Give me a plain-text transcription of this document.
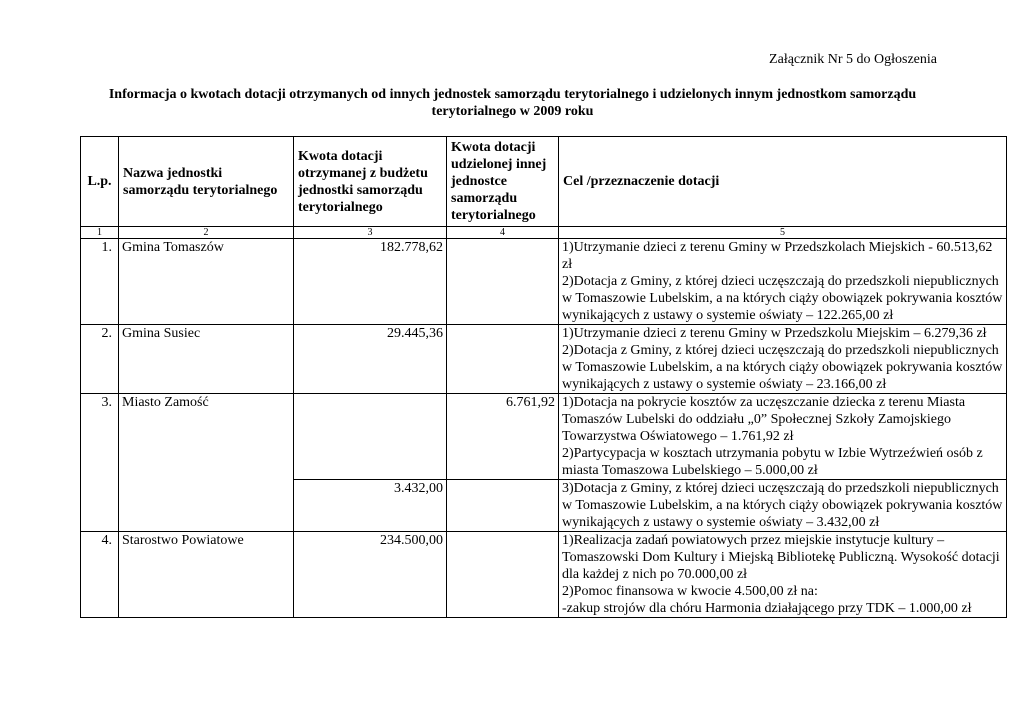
Załącznik Nr 5 do Ogłoszenia
Informacja o kwotach dotacji otrzymanych od innych jednostek samorządu terytorialnego i udzielonych innym jednostkom samorządu terytorialnego w 2009 roku
L.p.	Nazwa jednostki samorządu terytorialnego	Kwota dotacji otrzymanej z budżetu jednostki samorządu terytorialnego	Kwota dotacji udzielonej innej jednostce samorządu terytorialnego	Cel /przeznaczenie dotacji
1	2	3	4	5
1.	Gmina Tomaszów	182.778,62		1)Utrzymanie dzieci z terenu Gminy w Przedszkolach Miejskich - 60.513,62 zł
2)Dotacja z Gminy, z której dzieci uczęszczają do przedszkoli niepublicznych w Tomaszowie Lubelskim, a na których ciąży obowiązek pokrywania kosztów wynikających z ustawy o systemie oświaty – 122.265,00 zł

2.	Gmina Susiec	29.445,36		1)Utrzymanie dzieci z terenu Gminy w Przedszkolu Miejskim – 6.279,36 zł
2)Dotacja z Gminy, z której dzieci uczęszczają do przedszkoli niepublicznych w Tomaszowie Lubelskim, a na których ciąży obowiązek pokrywania kosztów wynikających z ustawy o systemie oświaty – 23.166,00 zł

3.	Miasto Zamość		6.761,92	1)Dotacja na pokrycie kosztów za uczęszczanie dziecka z terenu Miasta Tomaszów Lubelski do oddziału „0” Społecznej Szkoły Zamojskiego Towarzystwa Oświatowego – 1.761,92 zł
2)Partycypacja w kosztach utrzymania pobytu w Izbie Wytrzeźwień osób z miasta Tomaszowa Lubelskiego – 5.000,00 zł

		3.432,00		3)Dotacja z Gminy, z której dzieci uczęszczają do przedszkoli niepublicznych w Tomaszowie Lubelskim, a na których ciąży obowiązek pokrywania kosztów wynikających z ustawy o systemie oświaty – 3.432,00 zł

4.	Starostwo Powiatowe	234.500,00		1)Realizacja zadań powiatowych przez miejskie instytucje kultury – Tomaszowski Dom Kultury i Miejską Bibliotekę Publiczną. Wysokość dotacji dla każdej z nich po 70.000,00 zł
2)Pomoc finansowa w kwocie 4.500,00 zł na:
-zakup strojów dla chóru Harmonia działającego przy TDK – 1.000,00 zł
